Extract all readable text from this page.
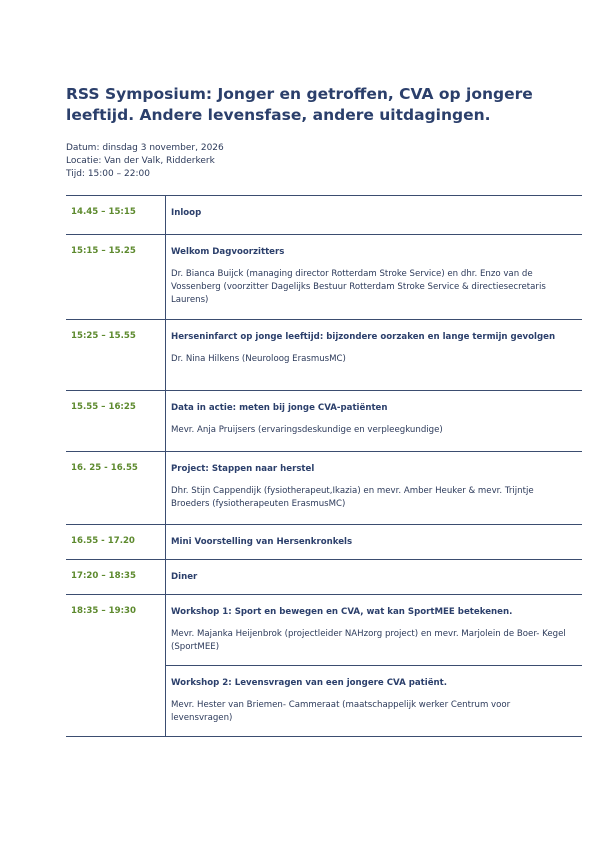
RSS Symposium: Jonger en getroffen, CVA op jongere leeftijd. Andere levensfase, andere uitdagingen.
Datum: dinsdag 3 november, 2026
Locatie: Van der Valk, Ridderkerk
Tijd: 15:00 – 22:00
14.45 – 15:15	Inloop

15:15 – 15.25	Welkom Dagvoorzitters
Dr. Bianca Buijck (managing director Rotterdam Stroke Service) en dhr. Enzo van de Vossenberg (voorzitter Dagelijks Bestuur Rotterdam Stroke Service & directiesecretaris Laurens)

15:25 – 15.55	Herseninfarct op jonge leeftijd: bijzondere oorzaken en lange termijn gevolgen
Dr. Nina Hilkens (Neuroloog ErasmusMC)

15.55 – 16:25	Data in actie: meten bij jonge CVA-patiënten
Mevr. Anja Pruijsers (ervaringsdeskundige en verpleegkundige)

16. 25 - 16.55	Project: Stappen naar herstel
Dhr. Stijn Cappendijk (fysiotherapeut,Ikazia) en mevr. Amber Heuker & mevr. Trijntje Broeders (fysiotherapeuten ErasmusMC)

16.55 - 17.20	Mini Voorstelling van Hersenkronkels

17:20 – 18:35	Diner

18:35 – 19:30	Workshop 1: Sport en bewegen en CVA, wat kan SportMEE betekenen.
Mevr. Majanka Heijenbrok (projectleider NAHzorg project) en mevr. Marjolein de Boer- Kegel (SportMEE)

	Workshop 2: Levensvragen van een jongere CVA patiënt.
Mevr. Hester van Briemen- Cammeraat (maatschappelijk werker Centrum voor levensvragen)
